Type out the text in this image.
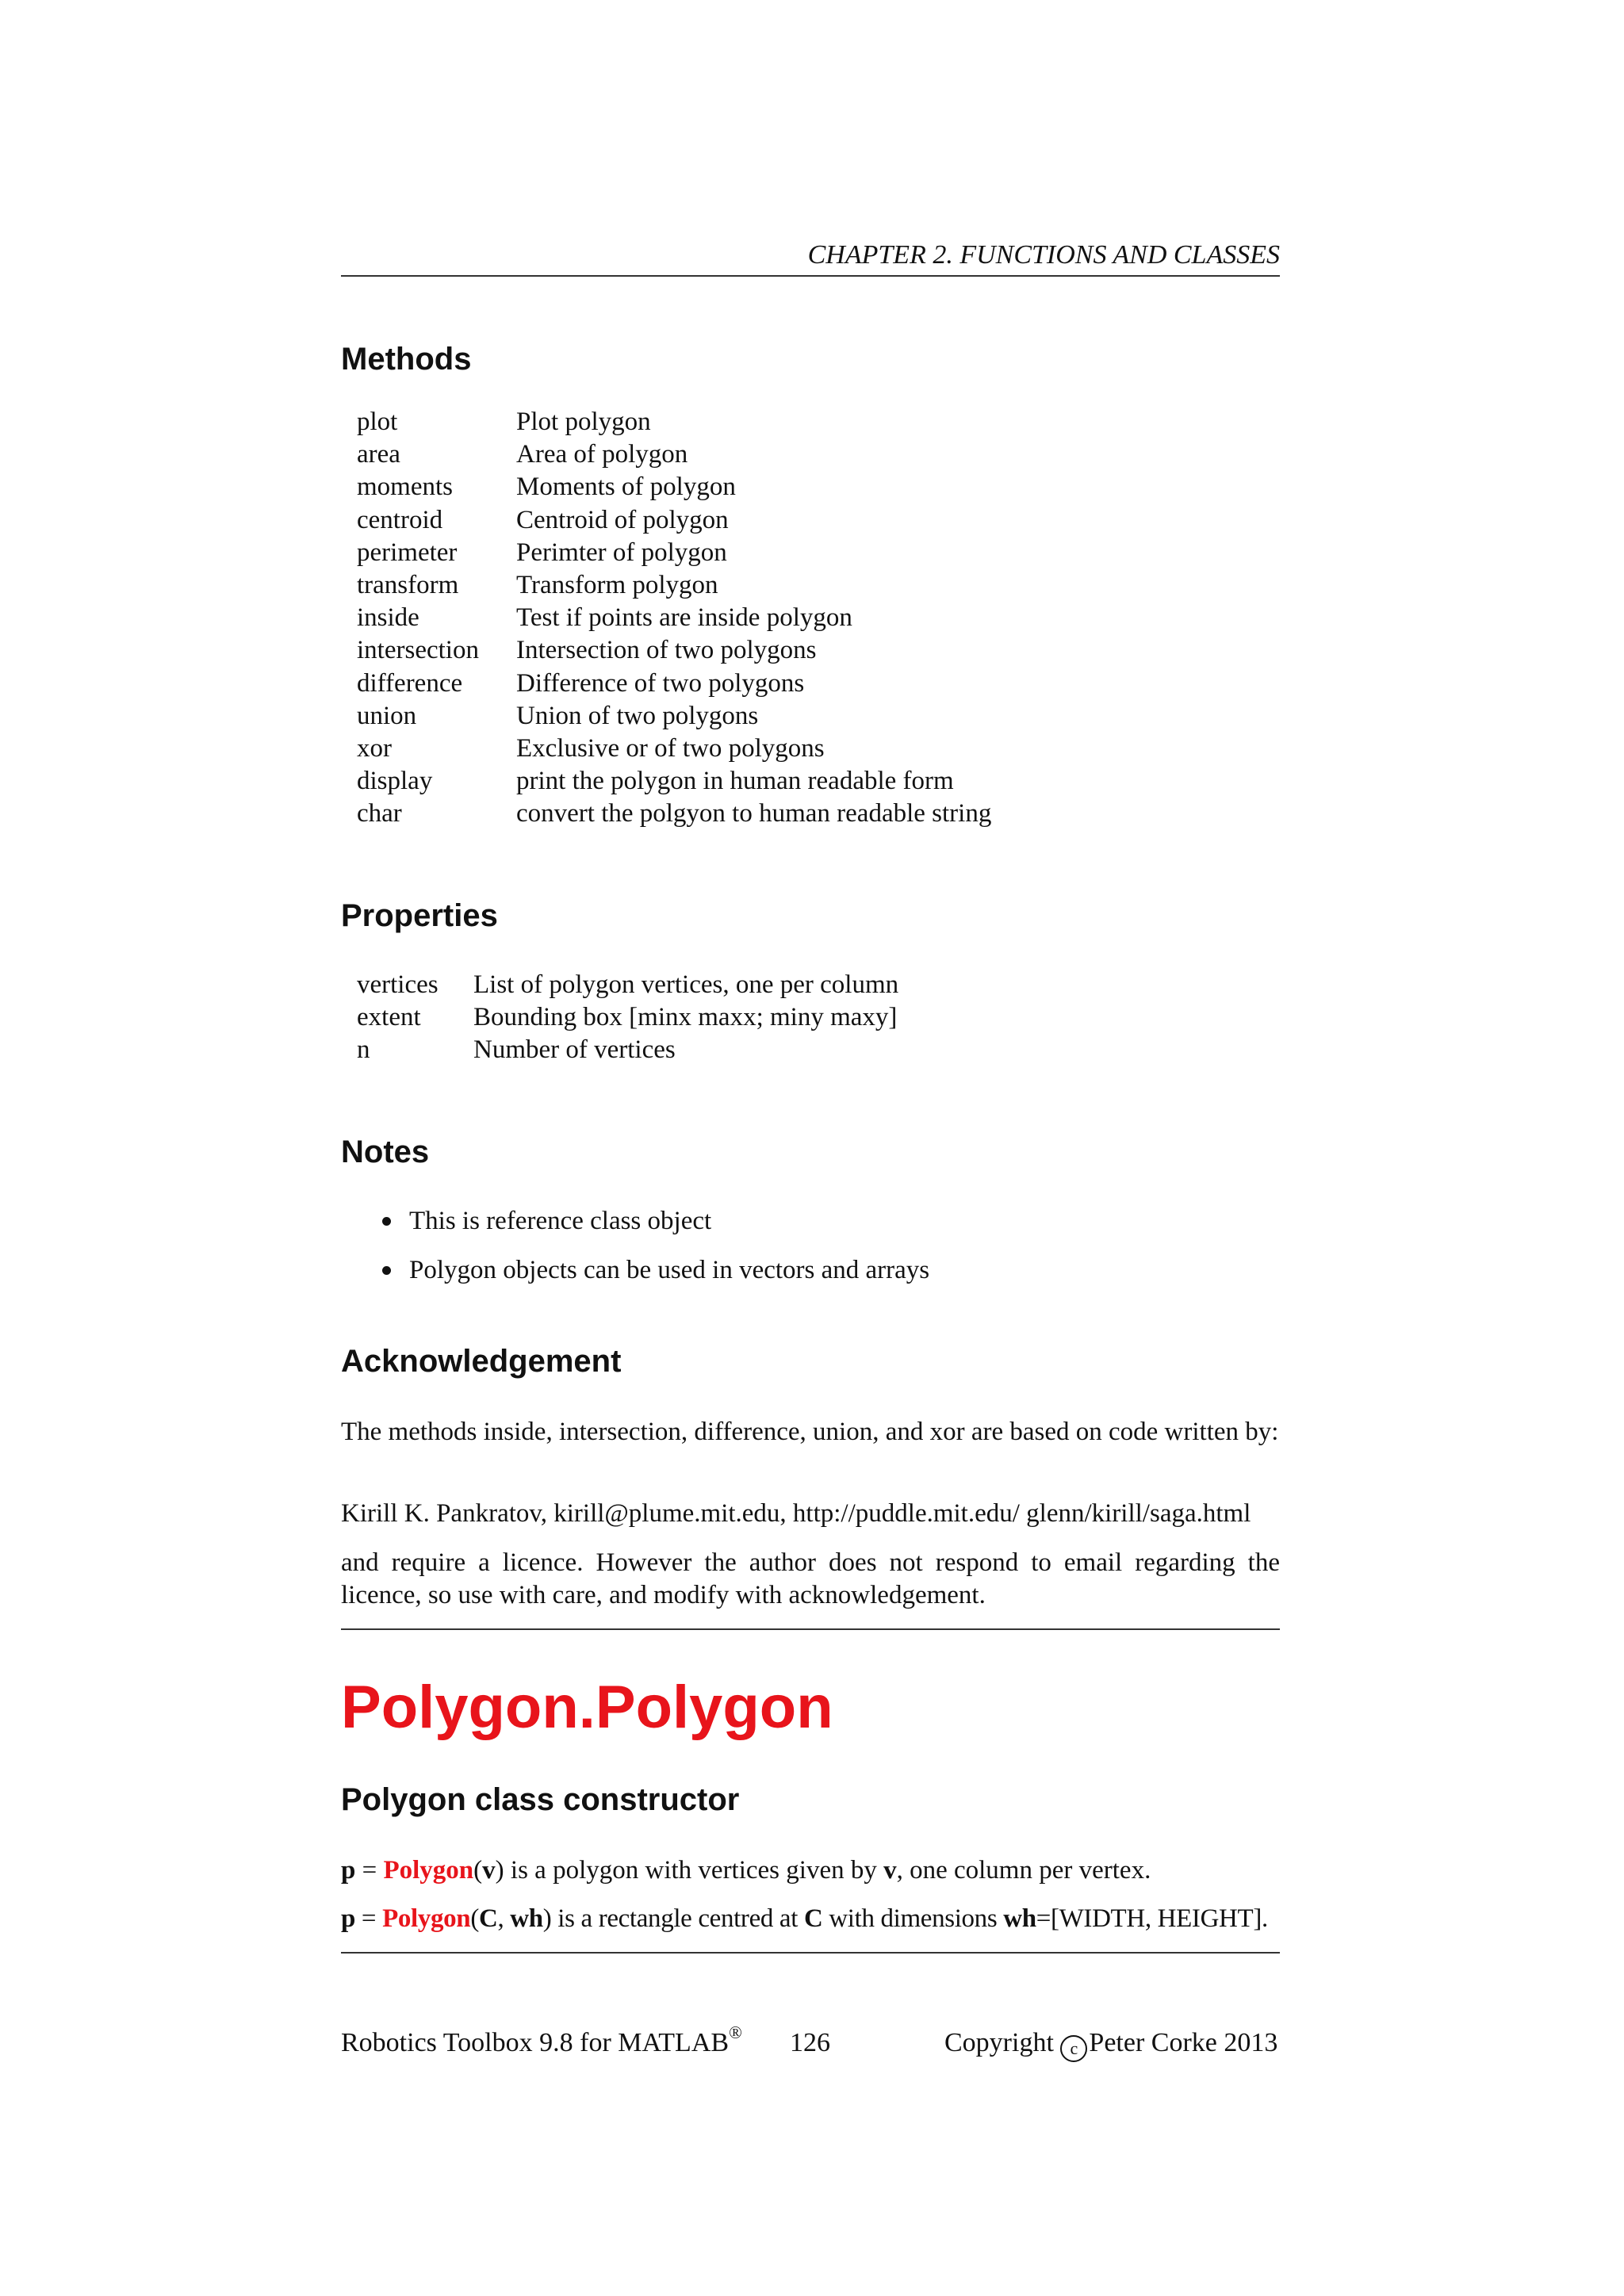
CHAPTER 2. FUNCTIONS AND CLASSES
Methods
plot	Plot polygon
area	Area of polygon
moments	Moments of polygon
centroid	Centroid of polygon
perimeter	Perimter of polygon
transform	Transform polygon
inside	Test if points are inside polygon
intersection	Intersection of two polygons
difference	Difference of two polygons
union	Union of two polygons
xor	Exclusive or of two polygons
display	print the polygon in human readable form
char	convert the polgyon to human readable string
Properties
vertices	List of polygon vertices, one per column
extent	Bounding box [minx maxx; miny maxy]
n	Number of vertices
Notes
This is reference class object
Polygon objects can be used in vectors and arrays
Acknowledgement
The methods inside, intersection, difference, union, and xor are based on code written by:
Kirill K. Pankratov, kirill@plume.mit.edu, http://puddle.mit.edu/ glenn/kirill/saga.html
and require a licence. However the author does not respond to email regarding the licence, so use with care, and modify with acknowledgement.
Polygon.Polygon
Polygon class constructor
p = Polygon(v) is a polygon with vertices given by v, one column per vertex.
p = Polygon(C, wh) is a rectangle centred at C with dimensions wh=[WIDTH, HEIGHT].
Robotics Toolbox 9.8 for MATLAB® 126	Copyright c Peter Corke 2013
